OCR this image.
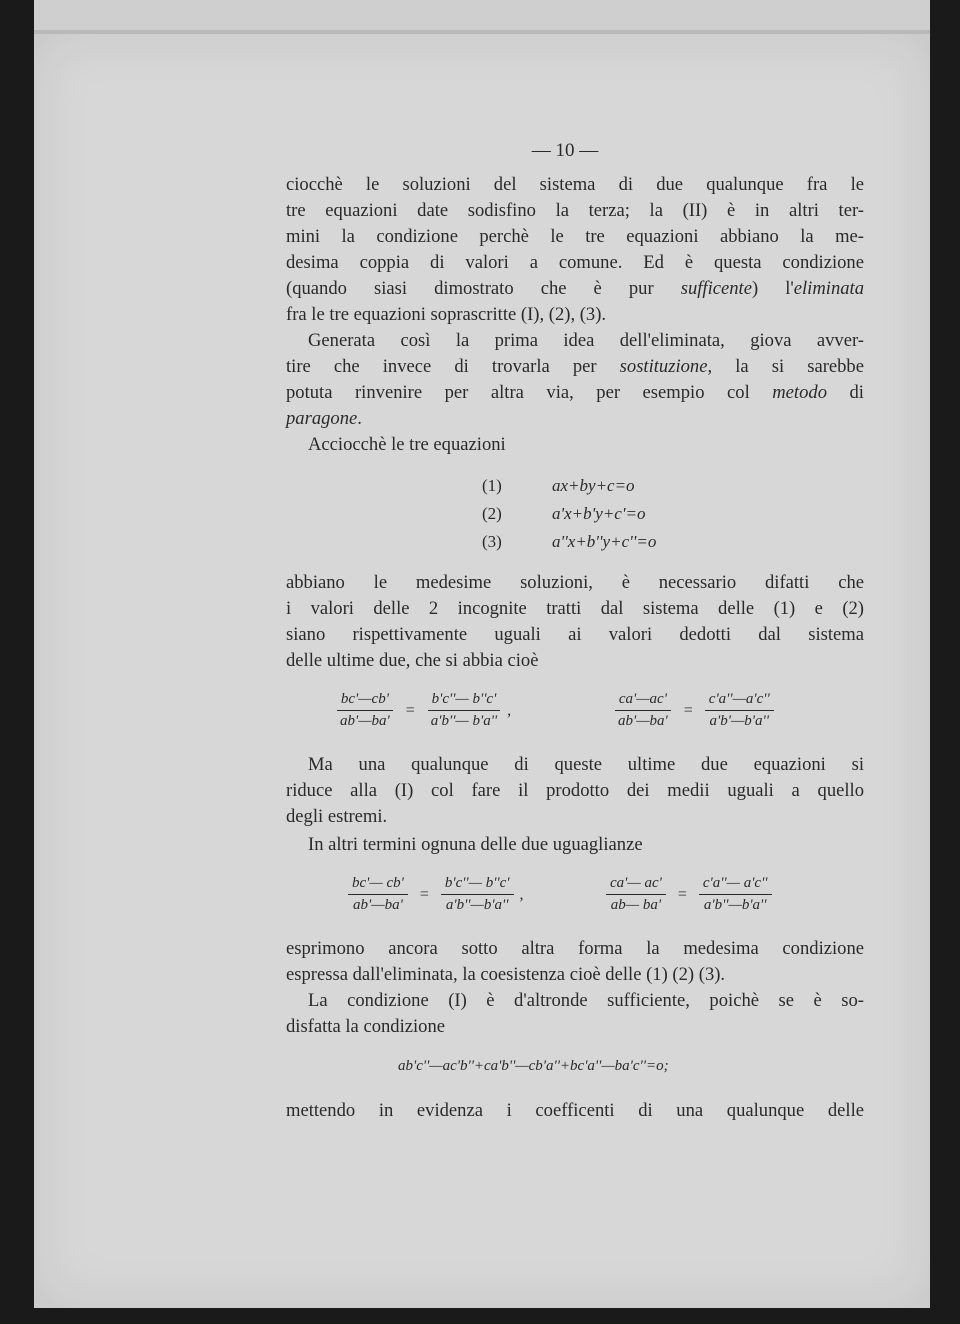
— 10 —

ciocchè le soluzioni del sistema di due qualunque fra le

tre equazioni date sodisfino la terza; la (II) è in altri ter-

mini la condizione perchè le tre equazioni abbiano la me-

desima coppia di valori a comune. Ed è questa condizione

(quando siasi dimostrato che è pur sufficente) l'eliminata

fra le tre equazioni soprascritte (I), (2), (3).

Generata così la prima idea dell'eliminata, giova avver-

tire che invece di trovarla per sostituzione, la si sarebbe

potuta rinvenire per altra via, per esempio col metodo di

paragone.

Acciocchè le tre equazioni

(1)	ax+by+c=o
(2)	a'x+b'y+c'=o
(3)	a''x+b''y+c''=o

abbiano le medesime soluzioni, è necessario difatti che

i valori delle 2 incognite tratti dal sistema delle (1) e (2)

siano rispettivamente uguali ai valori dedotti dal sistema

delle ultime due, che si abbia cioè

$\frac{bc'—cb'}{ab'—ba'} = \frac{b'c''— b''c'}{a'b''— b'a''}$ ,	$\frac{ca'—ac'}{ab'—ba'} = \frac{c'a''—a'c''}{a'b'—b'a''}$

Ma una qualunque di queste ultime due equazioni si

riduce alla (I) col fare il prodotto dei medii uguali a quello

degli estremi.

In altri termini ognuna delle due uguaglianze

$\frac{bc'— cb'}{ab'—ba'} = \frac{b'c''— b''c'}{a'b''—b'a''}$ ,	$\frac{ca'— ac'}{ab— ba'} = \frac{c'a''— a'c''}{a'b''—b'a''}$

esprimono ancora sotto altra forma la medesima condizione

espressa dall'eliminata, la coesistenza cioè delle (1) (2) (3).

La condizione (I) è d'altronde sufficiente, poichè se è so-

disfatta la condizione

ab'c''—ac'b''+ca'b''—cb'a''+bc'a''—ba'c''=o;

mettendo in evidenza i coefficenti di una qualunque delle
